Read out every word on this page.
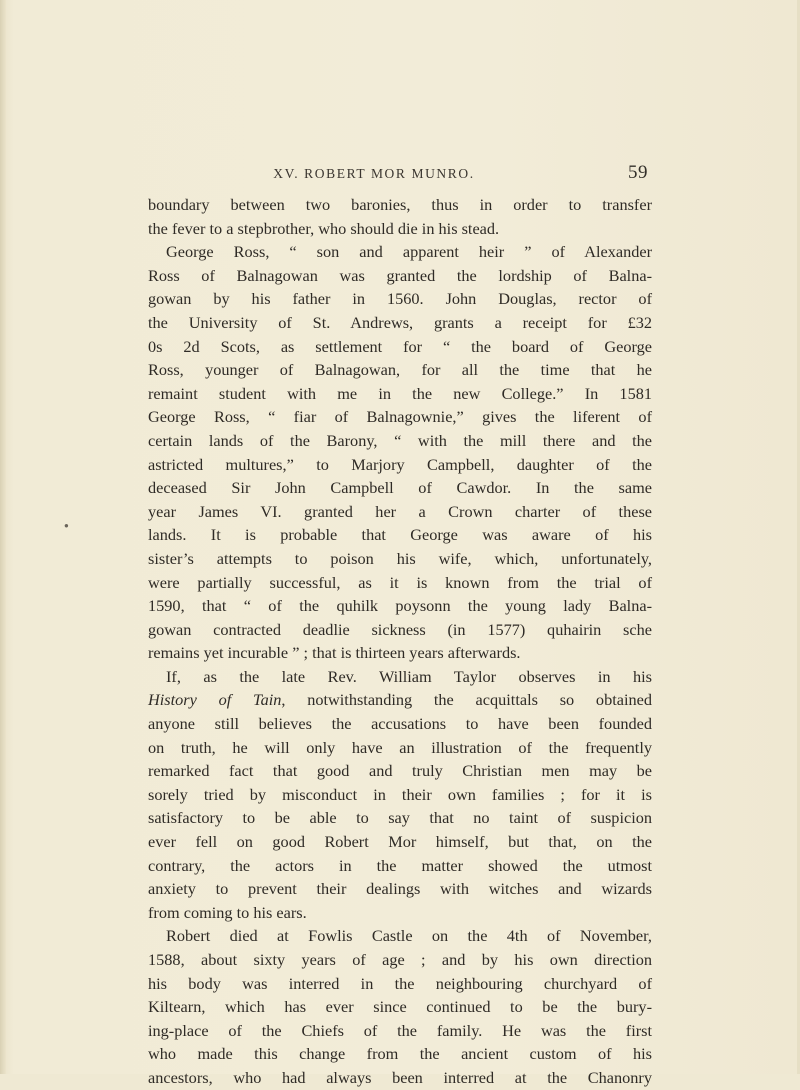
XV. ROBERT MOR MUNRO.	59
●
boundary between two baronies, thus in order to transfer
the fever to a stepbrother, who should die in his stead.
George Ross, “ son and apparent heir ” of Alexander
Ross of Balnagowan was granted the lordship of Balna-
gowan by his father in 1560. John Douglas, rector of
the University of St. Andrews, grants a receipt for £32
0s 2d Scots, as settlement for “ the board of George
Ross, younger of Balnagowan, for all the time that he
remaint student with me in the new College.” In 1581
George Ross, “ fiar of Balnagownie,” gives the liferent of
certain lands of the Barony, “ with the mill there and the
astricted multures,” to Marjory Campbell, daughter of the
deceased Sir John Campbell of Cawdor. In the same
year James VI. granted her a Crown charter of these
lands. It is probable that George was aware of his
sister’s attempts to poison his wife, which, unfortunately,
were partially successful, as it is known from the trial of
1590, that “ of the quhilk poysonn the young lady Balna-
gowan contracted deadlie sickness (in 1577) quhairin sche
remains yet incurable ” ; that is thirteen years afterwards.
If, as the late Rev. William Taylor observes in his
History of Tain, notwithstanding the acquittals so obtained
anyone still believes the accusations to have been founded
on truth, he will only have an illustration of the frequently
remarked fact that good and truly Christian men may be
sorely tried by misconduct in their own families ; for it is
satisfactory to be able to say that no taint of suspicion
ever fell on good Robert Mor himself, but that, on the
contrary, the actors in the matter showed the utmost
anxiety to prevent their dealings with witches and wizards
from coming to his ears.
Robert died at Fowlis Castle on the 4th of November,
1588, about sixty years of age ; and by his own direction
his body was interred in the neighbouring churchyard of
Kiltearn, which has ever since continued to be the bury-
ing-place of the Chiefs of the family. He was the first
who made this change from the ancient custom of his
ancestors, who had always been interred at the Chanonry
